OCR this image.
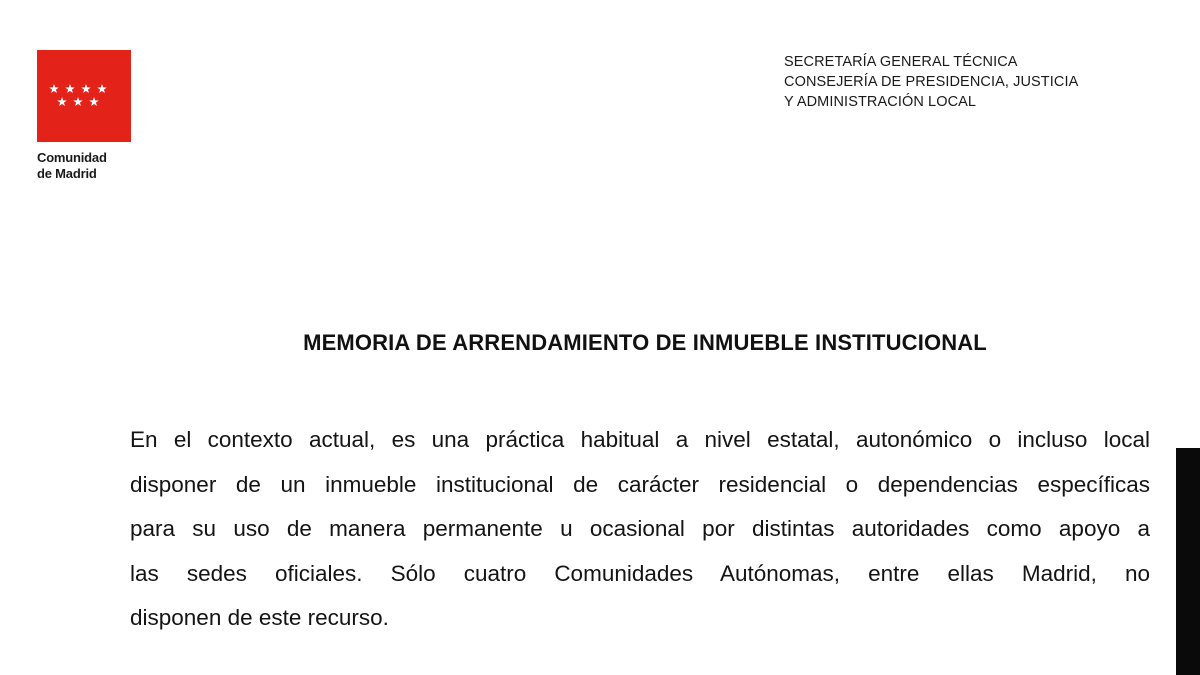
Comunidad
de Madrid
SECRETARÍA GENERAL TÉCNICA
CONSEJERÍA DE PRESIDENCIA, JUSTICIA
Y ADMINISTRACIÓN LOCAL
MEMORIA DE ARRENDAMIENTO DE INMUEBLE INSTITUCIONAL
En el contexto actual, es una práctica habitual a nivel estatal, autonómico o incluso local
disponer de un inmueble institucional de carácter residencial o dependencias específicas
para su uso de manera permanente u ocasional por distintas autoridades como apoyo a
las sedes oficiales. Sólo cuatro Comunidades Autónomas, entre ellas Madrid, no
disponen de este recurso.
